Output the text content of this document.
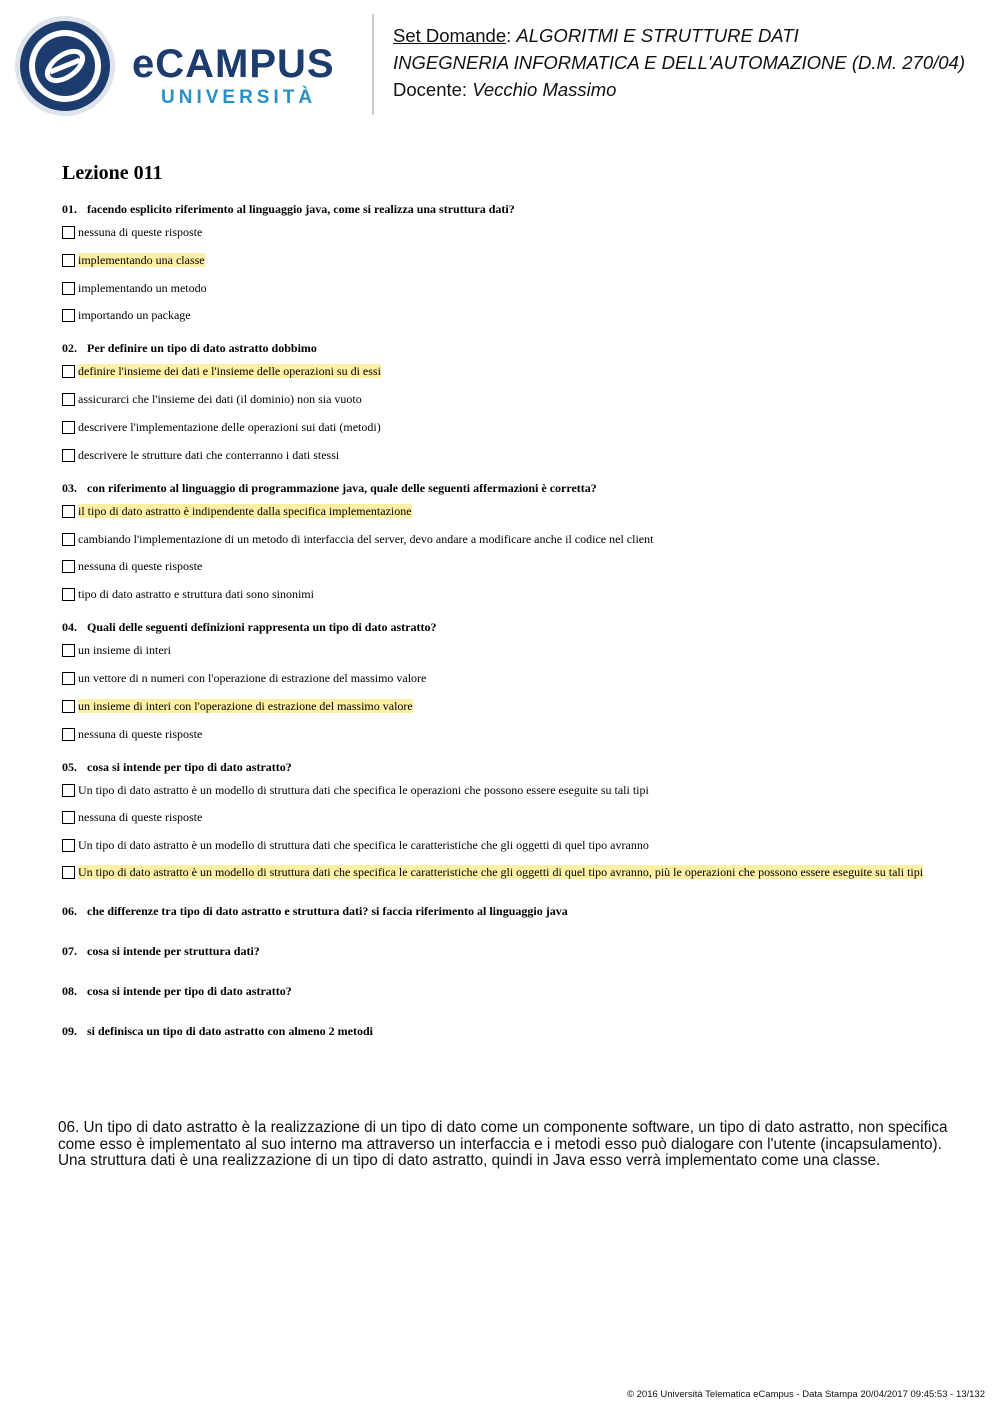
eCAMPUS
UNIVERSITÀ
Set Domande: ALGORITMI E STRUTTURE DATI
INGEGNERIA INFORMATICA E DELL'AUTOMAZIONE (D.M. 270/04)
Docente: Vecchio Massimo
Lezione 011
01. facendo esplicito riferimento al linguaggio java, come si realizza una struttura dati?
nessuna di queste risposte
implementando una classe
implementando un metodo
importando un package
02. Per definire un tipo di dato astratto dobbimo
definire l'insieme dei dati e l'insieme delle operazioni su di essi
assicurarci che l'insieme dei dati (il dominio) non sia vuoto
descrivere l'implementazione delle operazioni sui dati (metodi)
descrivere le strutture dati che conterranno i dati stessi
03. con riferimento al linguaggio di programmazione java, quale delle seguenti affermazioni è corretta?
il tipo di dato astratto è indipendente dalla specifica implementazione
cambiando l'implementazione di un metodo di interfaccia del server, devo andare a modificare anche il codice nel client
nessuna di queste risposte
tipo di dato astratto e struttura dati sono sinonimi
04. Quali delle seguenti definizioni rappresenta un tipo di dato astratto?
un insieme di interi
un vettore di n numeri con l'operazione di estrazione del massimo valore
un insieme di interi con l'operazione di estrazione del massimo valore
nessuna di queste risposte
05. cosa si intende per tipo di dato astratto?
Un tipo di dato astratto è un modello di struttura dati che specifica le operazioni che possono essere eseguite su tali tipi
nessuna di queste risposte
Un tipo di dato astratto è un modello di struttura dati che specifica le caratteristiche che gli oggetti di quel tipo avranno
Un tipo di dato astratto è un modello di struttura dati che specifica le caratteristiche che gli oggetti di quel tipo avranno, più le operazioni che possono essere eseguite su tali tipi
06. che differenze tra tipo di dato astratto e struttura dati? si faccia riferimento al linguaggio java
07. cosa si intende per struttura dati?
08. cosa si intende per tipo di dato astratto?
09. si definisca un tipo di dato astratto con almeno 2 metodi
06. Un tipo di dato astratto è la realizzazione di un tipo di dato come un componente software, un tipo di dato astratto, non specifica come esso è implementato al suo interno ma attraverso un interfaccia e i metodi esso può dialogare con l'utente (incapsulamento). Una struttura dati è una realizzazione di un tipo di dato astratto, quindi in Java esso verrà implementato come una classe.
© 2016 Università Telematica eCampus - Data Stampa 20/04/2017 09:45:53 - 13/132
